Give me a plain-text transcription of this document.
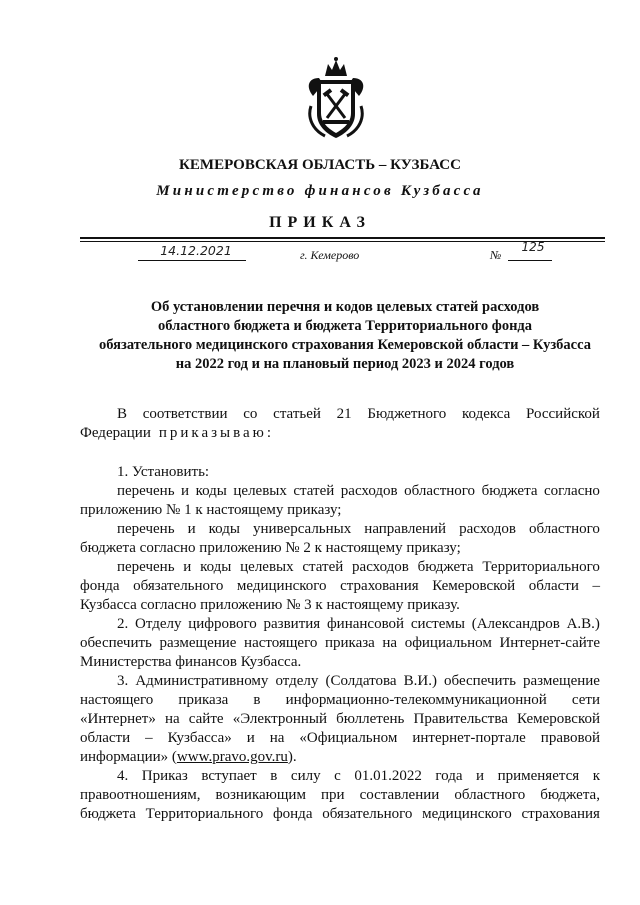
КЕМЕРОВСКАЯ ОБЛАСТЬ – КУЗБАСС
Министерство финансов Кузбасса
ПРИКАЗ
14.12.2021	г. Кемерово	№
125
Об установлении перечня и кодов целевых статей расходов
областного бюджета и бюджета Территориального фонда
обязательного медицинского страхования Кемеровской области – Кузбасса
на 2022 год и на плановый период 2023 и 2024 годов
В соответствии со статьей 21 Бюджетного кодекса Российской
Федерации приказываю:
1. Установить:
перечень и коды целевых статей расходов областного бюджета согласно
приложению № 1 к настоящему приказу;
перечень и коды универсальных направлений расходов областного
бюджета согласно приложению № 2 к настоящему приказу;
перечень и коды целевых статей расходов бюджета Территориального
фонда обязательного медицинского страхования Кемеровской области –
Кузбасса согласно приложению № 3 к настоящему приказу.
2. Отделу цифрового развития финансовой системы (Александров А.В.)
обеспечить размещение настоящего приказа на официальном Интернет-сайте
Министерства финансов Кузбасса.
3. Административному отделу (Солдатова В.И.) обеспечить размещение
настоящего приказа в информационно-телекоммуникационной сети
«Интернет» на сайте «Электронный бюллетень Правительства Кемеровской
области – Кузбасса» и на «Официальном интернет-портале правовой
информации» ( www.pravo.gov.ru ).
4. Приказ вступает в силу с 01.01.2022 года и применяется к
правоотношениям, возникающим при составлении областного бюджета,
бюджета Территориального фонда обязательного медицинского страхования
